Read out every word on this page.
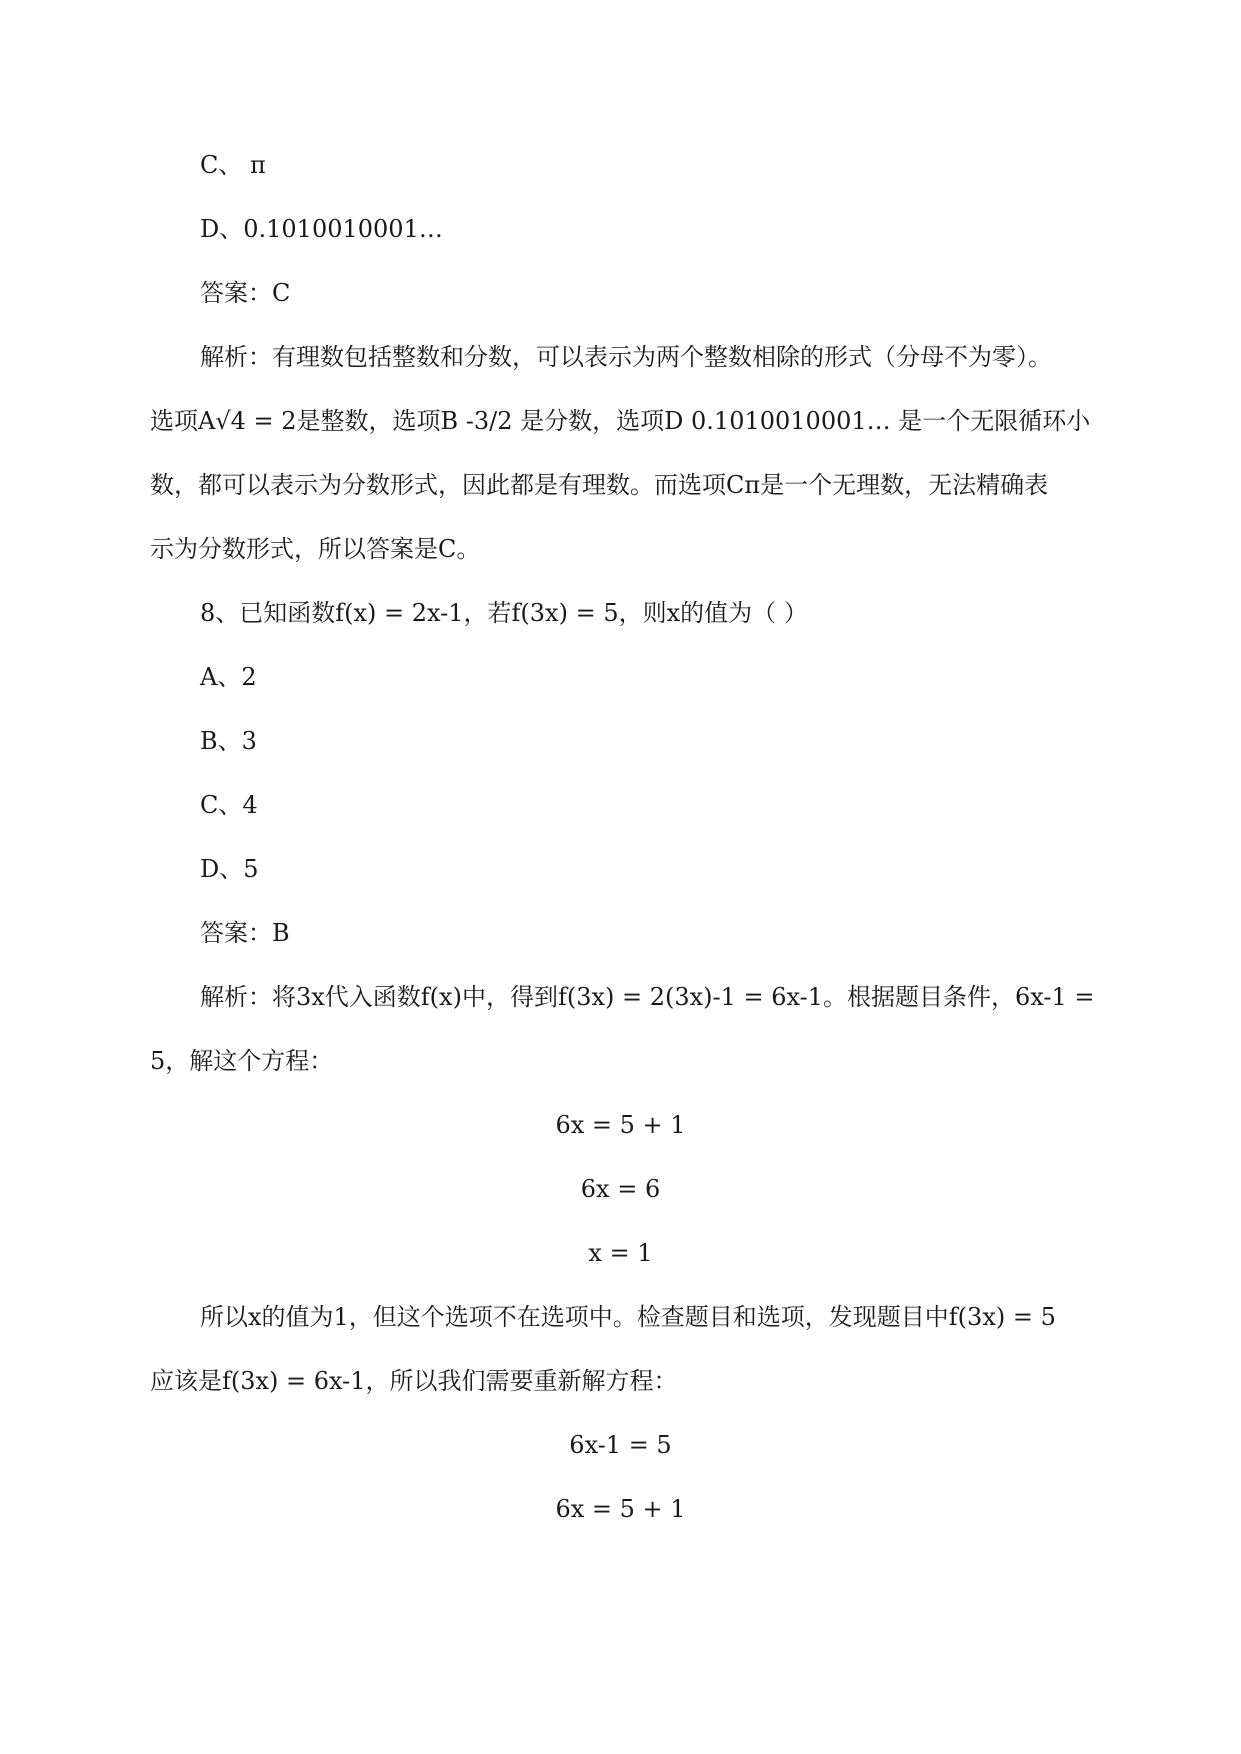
C、 π
D、0.1010010001…
答案：C
解析：有理数包括整数和分数，可以表示为两个整数相除的形式（分母不为零）。
选项A√4 = 2是整数，选项B -3/2 是分数，选项D 0.1010010001… 是一个无限循环小
数，都可以表示为分数形式，因此都是有理数。而选项Cπ是一个无理数，无法精确表
示为分数形式，所以答案是C。
8、已知函数f(x) = 2x-1，若f(3x) = 5，则x的值为（ ）
A、2
B、3
C、4
D、5
答案：B
解析：将3x代入函数f(x)中，得到f(3x) = 2(3x)-1 = 6x-1。根据题目条件，6x-1 =
5，解这个方程：
6x = 5 + 1
6x = 6
x = 1
所以x的值为1，但这个选项不在选项中。检查题目和选项，发现题目中f(3x) = 5
应该是f(3x) = 6x-1，所以我们需要重新解方程：
6x-1 = 5
6x = 5 + 1
